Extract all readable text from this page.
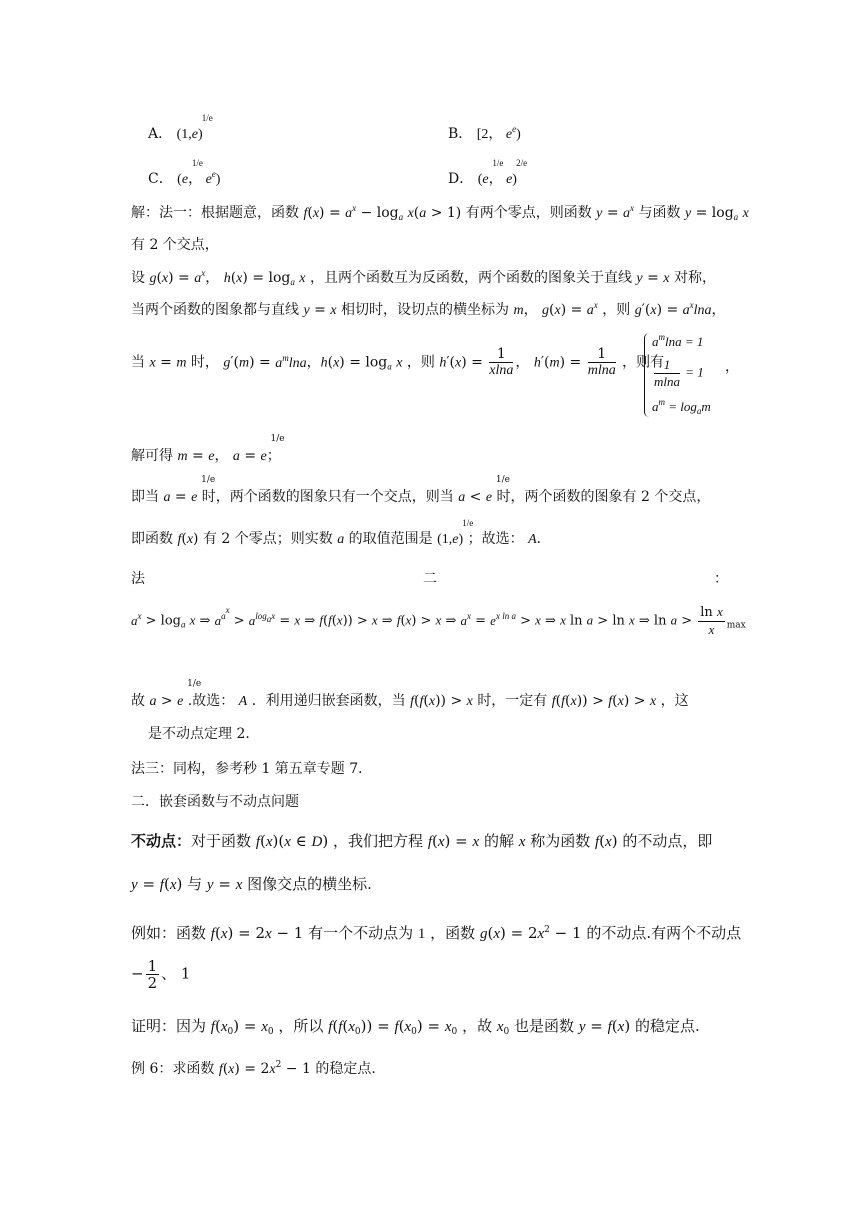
A． (1,e
1/e
)	B． [2， $e^e$)
C． (e
1/e
， $e^e$)	D． (e
1/e
， e
2/e
)
解：法一：根据题意，函数 $f(x) = a^x - \log_a x(a > 1)$ 有两个零点，则函数 $y = a^x$ 与函数 $y = \log_a x$
有 2 个交点，
设 $g(x) = a^x$， $h(x) = \log_a x$ ，且两个函数互为反函数，两个函数的图象关于直线 y = x 对称，
当两个函数的图象都与直线 y = x 相切时，设切点的横坐标为 m， $g(x) = a^x$ ，则 $g'(x) = a^x\ln a$，
当 x = m 时， $g'(m) = a^m\ln a$，$h(x) = \log_a x$ ，则 $h'(x) = \frac{1}{xlna}$ ， $h'(m) = \frac{1}{mlna}$ ，则有
$a^m\ln a = 1$
$\frac{1}{mlna} = 1$
$a^m = \log_am$
，
解可得 m = e， a = e
1/e
；
即当 a = e
1/e
时，两个函数的图象只有一个交点，则当 a < e
1/e
时，两个函数的图象有 2 个交点，
即函数 f(x) 有 2 个零点；则实数 a 的取值范围是 (1,e
1/e
) ；故选： A．
法	二	：
$a^x > \log_a x$ ⇒ $a^{a^x} > a^{log_ax} = x$ ⇒ f(f(x)) > x ⇒ f(x) > x ⇒ $a^x = e^{x ln a} > x$ ⇒ x ln a > ln x ⇒ $\ln a > \frac{\text{ln x}}{x} _{max}$
故 a > e
1/e
.故选： A ．利用递归嵌套函数，当 f(f(x)) > x 时，一定有 f(f(x)) > f(x) > x ，这
是不动点定理 2．
法三：同构，参考秒 1 第五章专题 7．
二．嵌套函数与不动点问题
不动点：对于函数 f(x)(x ∈ D) ，我们把方程 f(x) = x 的解 x 称为函数 f(x) 的不动点，即
y = f(x) 与 y = x 图像交点的横坐标.
例如：函数 f(x) = 2x − 1 有一个不动点为 1 ，函数 $g(x) = 2x^2 - 1$ 的不动点.有两个不动点
− $\frac{1}{2}$ 、 1
证明：因为 $f(x_0) = x_0$ ，所以 $f(f(x_0)) = f(x_0) = x_0$ ，故 $x_0$ 也是函数 y = f(x) 的稳定点.
例 6：求函数 $f(x) = 2x^2 - 1$ 的稳定点.
